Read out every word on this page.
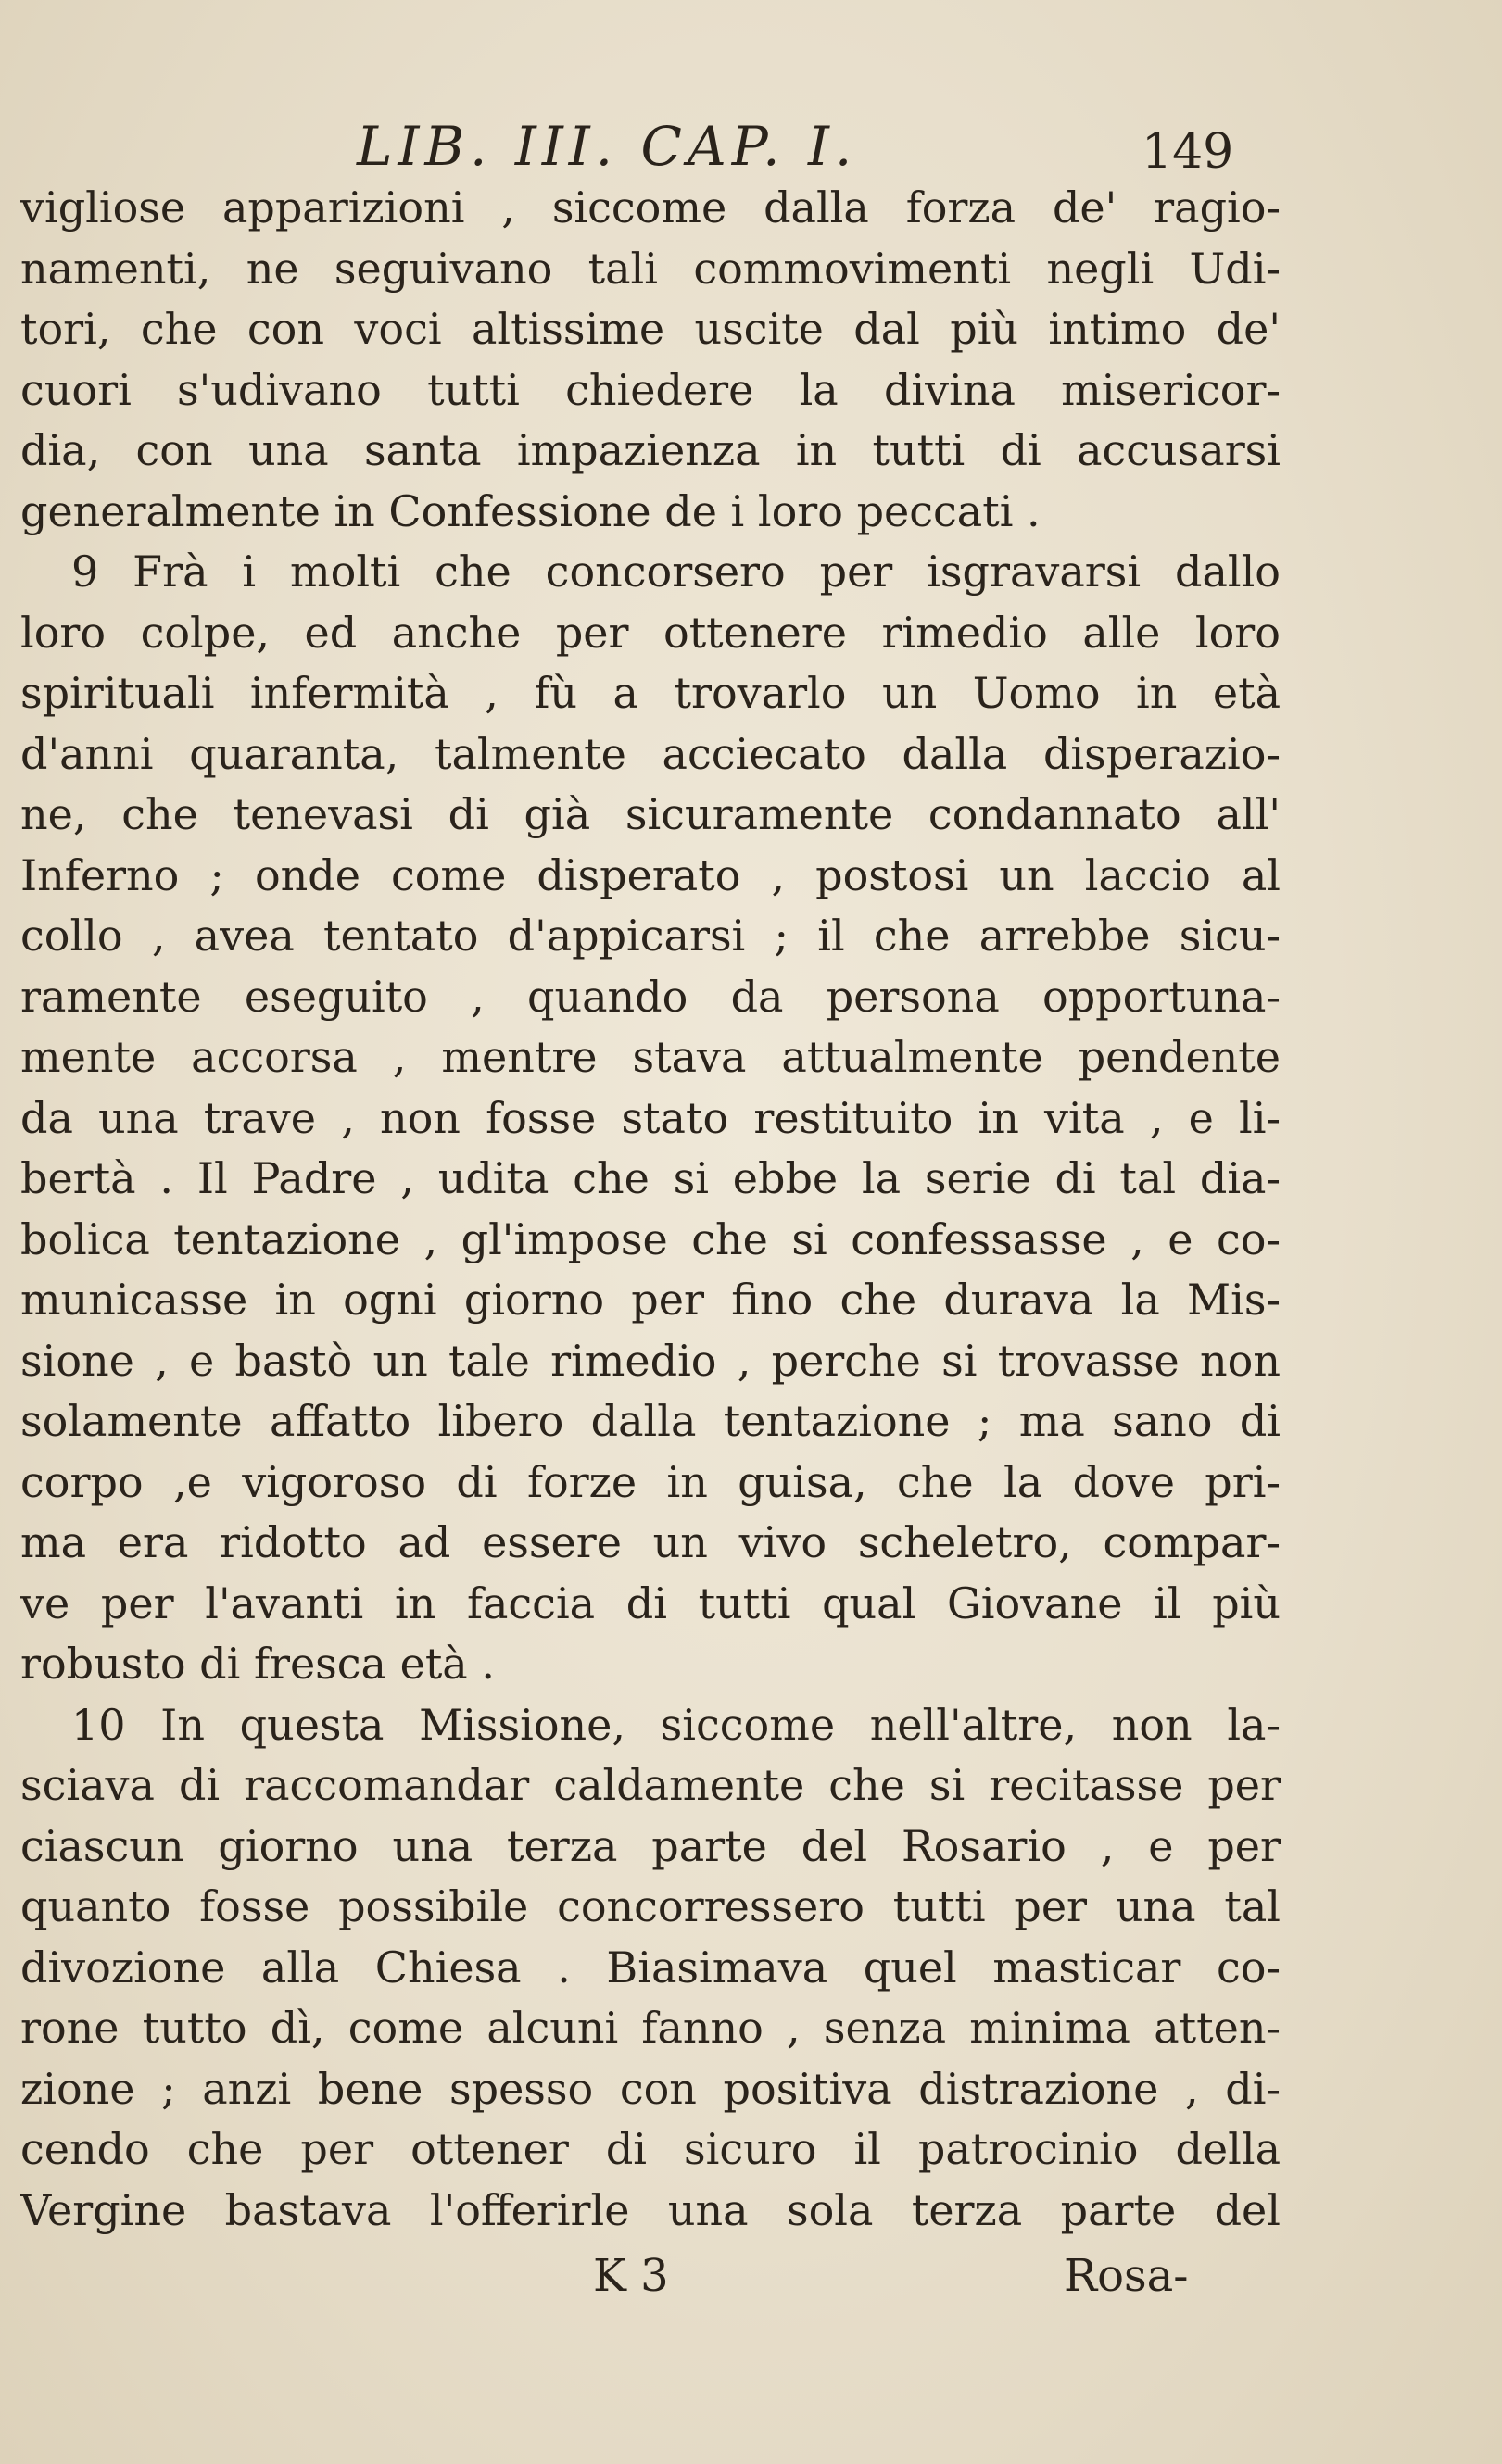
LIB. III. CAP. I.	149
vigliose apparizioni , siccome dalla forza de' ragio-
namenti, ne seguivano tali commovimenti negli Udi-
tori, che con voci altissime uscite dal più intimo de'
cuori s'udivano tutti chiedere la divina misericor-
dia, con una santa impazienza in tutti di accusarsi
generalmente in Confessione de i loro peccati .
9 Frà i molti che concorsero per isgravarsi dallo
loro colpe, ed anche per ottenere rimedio alle loro
spirituali infermità , fù a trovarlo un Uomo in età
d'anni quaranta, talmente acciecato dalla disperazio-
ne, che tenevasi di già sicuramente condannato all'
Inferno ; onde come disperato , postosi un laccio al
collo , avea tentato d'appicarsi ; il che arrebbe sicu-
ramente eseguito , quando da persona opportuna-
mente accorsa , mentre stava attualmente pendente
da una trave , non fosse stato restituito in vita , e li-
bertà . Il Padre , udita che si ebbe la serie di tal dia-
bolica tentazione , gl'impose che si confessasse , e co-
municasse in ogni giorno per fino che durava la Mis-
sione , e bastò un tale rimedio , perche si trovasse non
solamente affatto libero dalla tentazione ; ma sano di
corpo ,e vigoroso di forze in guisa, che la dove pri-
ma era ridotto ad essere un vivo scheletro, compar-
ve per l'avanti in faccia di tutti qual Giovane il più
robusto di fresca età .
10 In questa Missione, siccome nell'altre, non la-
sciava di raccomandar caldamente che si recitasse per
ciascun giorno una terza parte del Rosario , e per
quanto fosse possibile concorressero tutti per una tal
divozione alla Chiesa . Biasimava quel masticar co-
rone tutto dì, come alcuni fanno , senza minima atten-
zione ; anzi bene spesso con positiva distrazione , di-
cendo che per ottener di sicuro il patrocinio della
Vergine bastava l'offerirle una sola terza parte del
K 3	Rosa-
